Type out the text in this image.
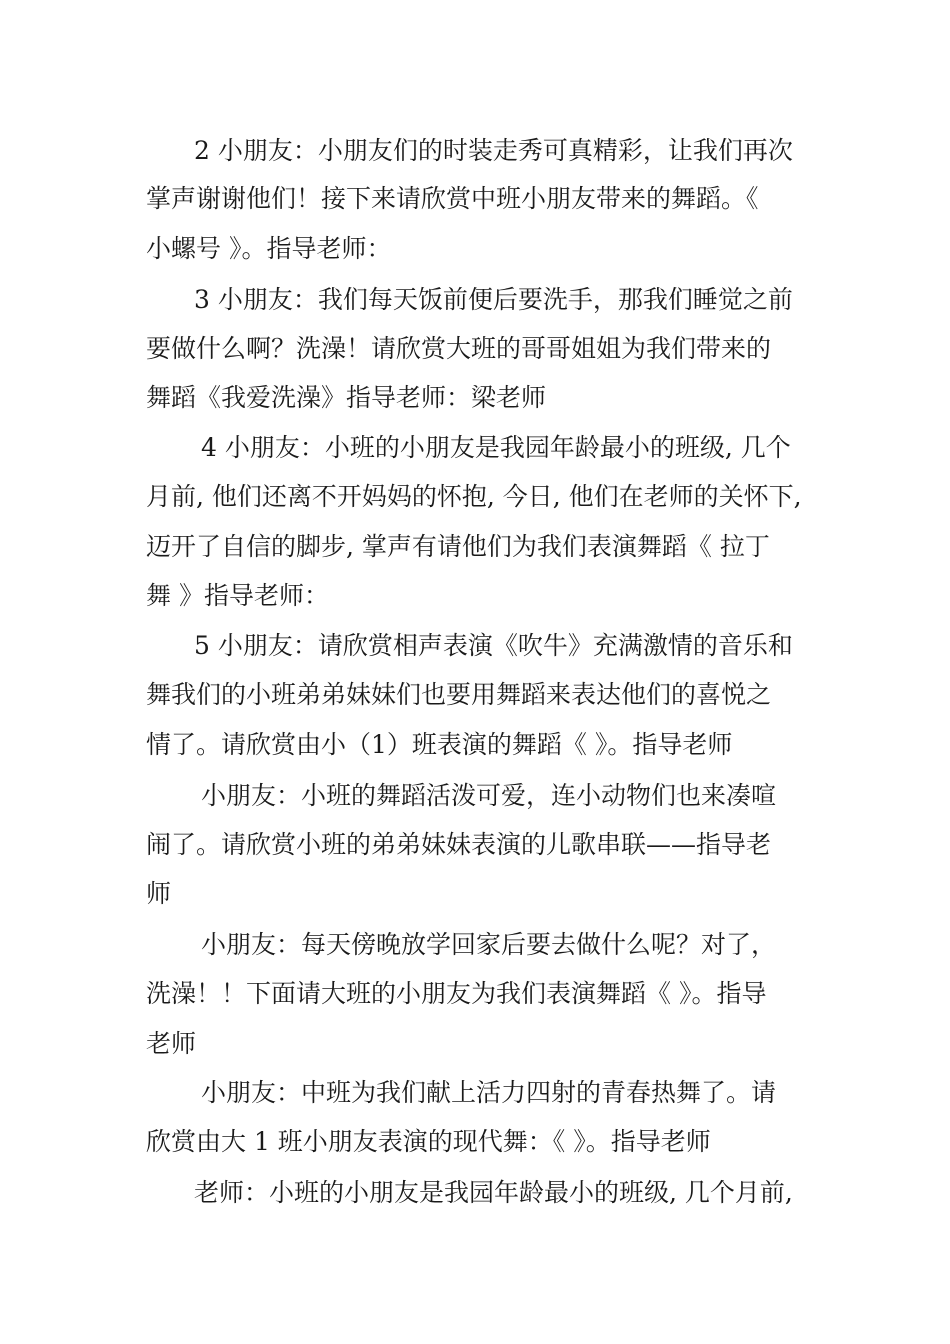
2 小朋友：小朋友们的时装走秀可真精彩，让我们再次
掌声谢谢他们！接下来请欣赏中班小朋友带来的舞蹈。《
小螺号 》。指导老师：
3 小朋友：我们每天饭前便后要洗手，那我们睡觉之前
要做什么啊？洗澡！请欣赏大班的哥哥姐姐为我们带来的
舞蹈《我爱洗澡》指导老师：梁老师
4 小朋友：小班的小朋友是我园年龄最小的班级, 几个
月前, 他们还离不开妈妈的怀抱, 今日, 他们在老师的关怀下,
迈开了自信的脚步, 掌声有请他们为我们表演舞蹈《 拉丁
舞 》指导老师：
5 小朋友：请欣赏相声表演《吹牛》充满激情的音乐和
舞我们的小班弟弟妹妹们也要用舞蹈来表达他们的喜悦之
情了。请欣赏由小（1）班表演的舞蹈《 》。指导老师
小朋友：小班的舞蹈活泼可爱，连小动物们也来凑喧
闹了。请欣赏小班的弟弟妹妹表演的儿歌串联——指导老
师
小朋友：每天傍晚放学回家后要去做什么呢？对了，
洗澡！！下面请大班的小朋友为我们表演舞蹈《 》。指导
老师
小朋友：中班为我们献上活力四射的青春热舞了。请
欣赏由大 1 班小朋友表演的现代舞：《 》。指导老师
老师：小班的小朋友是我园年龄最小的班级, 几个月前,
